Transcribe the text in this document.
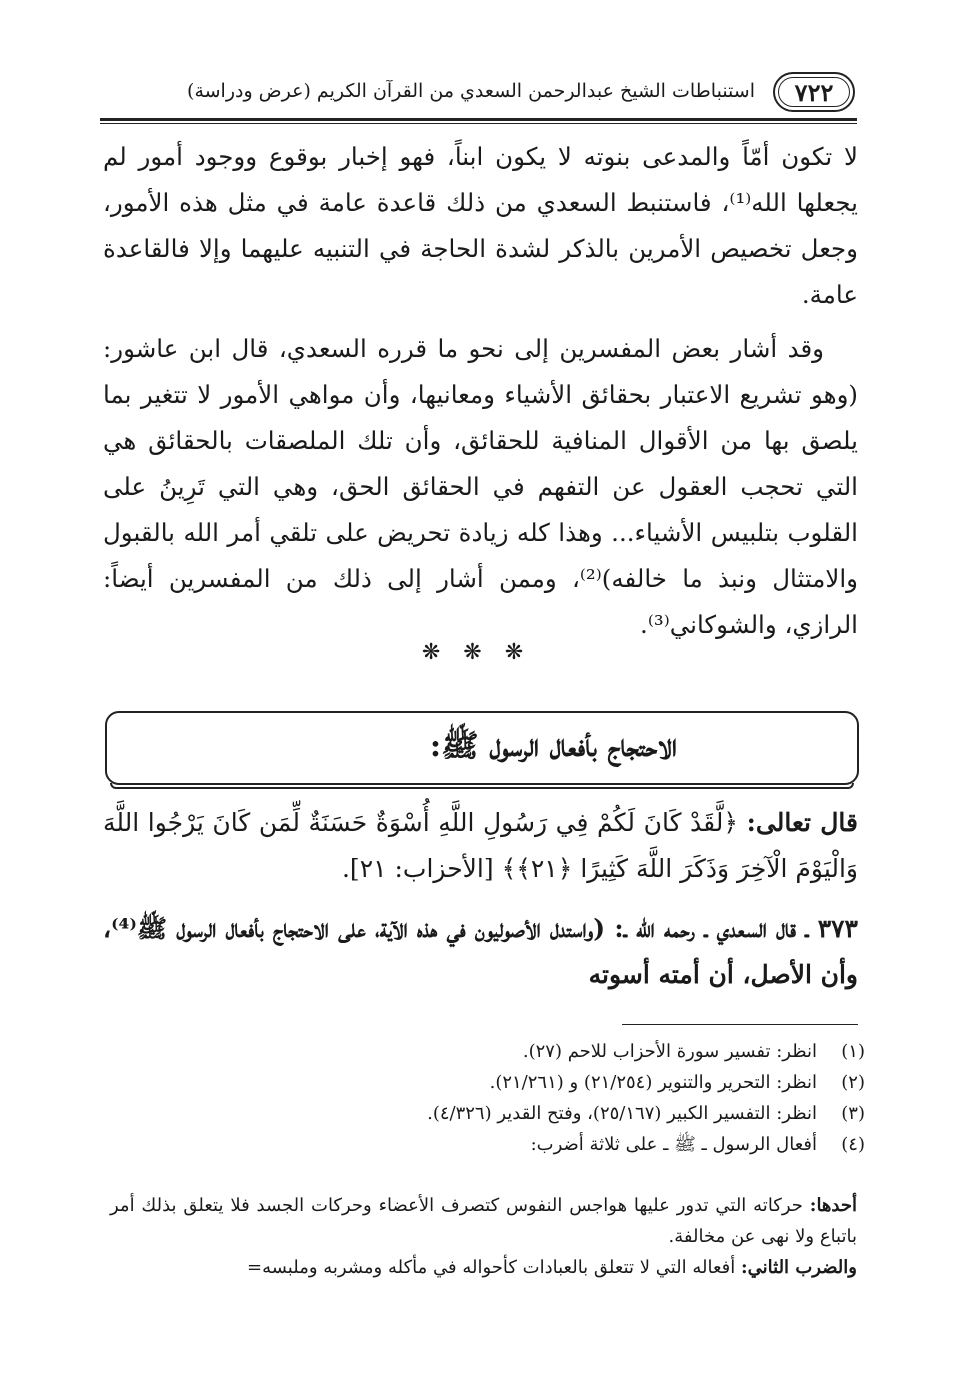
٧٢٢
استنباطات الشيخ عبدالرحمن السعدي من القرآن الكريم (عرض ودراسة)

لا تكون أمّاً والمدعى بنوته لا يكون ابناً، فهو إخبار بوقوع ووجود أمور لم يجعلها الله⁽¹⁾، فاستنبط السعدي من ذلك قاعدة عامة في مثل هذه الأمور، وجعل تخصيص الأمرين بالذكر لشدة الحاجة في التنبيه عليهما وإلا فالقاعدة عامة.

وقد أشار بعض المفسرين إلى نحو ما قرره السعدي، قال ابن عاشور: (وهو تشريع الاعتبار بحقائق الأشياء ومعانيها، وأن مواهي الأمور لا تتغير بما يلصق بها من الأقوال المنافية للحقائق، وأن تلك الملصقات بالحقائق هي التي تحجب العقول عن التفهم في الحقائق الحق، وهي التي تَرِينُ على القلوب بتلبيس الأشياء... وهذا كله زيادة تحريض على تلقي أمر الله بالقبول والامتثال ونبذ ما خالفه)⁽²⁾، وممن أشار إلى ذلك من المفسرين أيضاً: الرازي، والشوكاني⁽³⁾.

❋ ❋ ❋
الاحتجاج بأفعال الرسول ﷺ:

قال تعالى: ﴿لَّقَدْ كَانَ لَكُمْ فِي رَسُولِ اللَّهِ أُسْوَةٌ حَسَنَةٌ لِّمَن كَانَ يَرْجُوا اللَّهَ وَالْيَوْمَ الْآخِرَ وَذَكَرَ اللَّهَ كَثِيرًا ﴿٢١﴾﴾ [الأحزاب: ٢١].

٣٧٣ ـ قال السعدي ـ رحمه الله ـ: (واستدل الأصوليون في هذه الآية، على الاحتجاج بأفعال الرسول ﷺ⁽⁴⁾، وأن الأصل، أن أمته أسوته

(١)
انظر: تفسير سورة الأحزاب للاحم (٢٧).
(٢)
انظر: التحرير والتنوير (٢١/٢٥٤) و (٢١/٢٦١).
(٣)
انظر: التفسير الكبير (٢٥/١٦٧)، وفتح القدير (٤/٣٢٦).
(٤)
أفعال الرسول ـ ﷺ ـ على ثلاثة أضرب:

أحدها: حركاته التي تدور عليها هواجس النفوس كتصرف الأعضاء وحركات الجسد فلا يتعلق بذلك أمر باتباع ولا نهى عن مخالفة.

والضرب الثاني: أفعاله التي لا تتعلق بالعبادات كأحواله في مأكله ومشربه وملبسه=
